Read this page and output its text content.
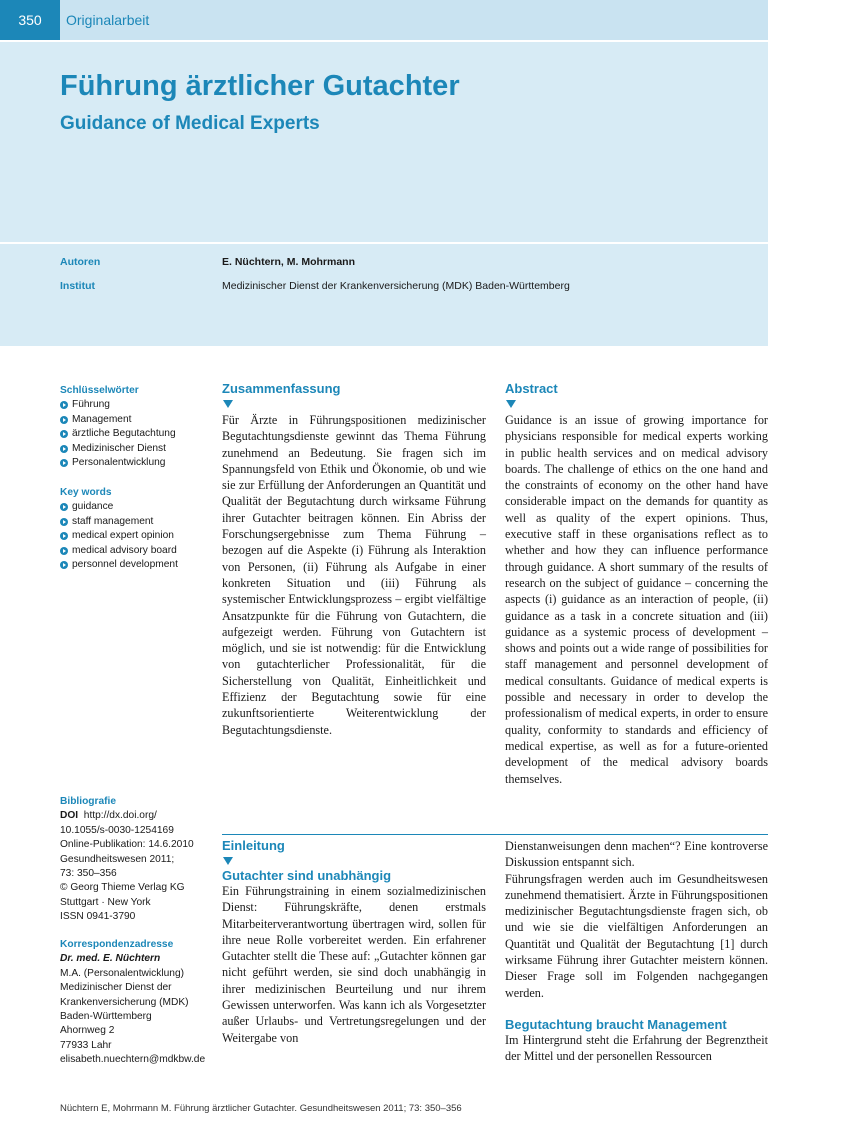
350	Originalarbeit
Führung ärztlicher Gutachter
Guidance of Medical Experts
Autoren	E. Nüchtern, M. Mohrmann
Institut	Medizinischer Dienst der Krankenversicherung (MDK) Baden-Württemberg
Schlüsselwörter
Führung
Management
ärztliche Begutachtung
Medizinischer Dienst
Personalentwicklung
Key words
guidance
staff management
medical expert opinion
medical advisory board
personnel development
Bibliografie
DOI http://dx.doi.org/
10.1055/s-0030-1254169
Online-Publikation: 14.6.2010
Gesundheitswesen 2011;
73: 350–356
© Georg Thieme Verlag KG
Stuttgart · New York
ISSN 0941-3790
Korrespondenzadresse
Dr. med. E. Nüchtern
M.A. (Personalentwicklung)
Medizinischer Dienst der
Krankenversicherung (MDK)
Baden-Württemberg
Ahornweg 2
77933 Lahr
elisabeth.nuechtern@mdkbw.de
Zusammenfassung
Für Ärzte in Führungspositionen medizinischer Begutachtungsdienste gewinnt das Thema Führung zunehmend an Bedeutung. Sie fragen sich im Spannungsfeld von Ethik und Ökonomie, ob und wie sie zur Erfüllung der Anforderungen an Quantität und Qualität der Begutachtung durch wirksame Führung ihrer Gutachter beitragen können. Ein Abriss der Forschungsergebnisse zum Thema Führung – bezogen auf die Aspekte (i) Führung als Interaktion von Personen, (ii) Führung als Aufgabe in einer konkreten Situation und (iii) Führung als systemischer Entwicklungsprozess – ergibt vielfältige Ansatzpunkte für die Führung von Gutachtern, die aufgezeigt werden. Führung von Gutachtern ist möglich, und sie ist notwendig: für die Entwicklung von gutachterlicher Professionalität, für die Sicherstellung von Qualität, Einheitlichkeit und Effizienz der Begutachtung sowie für eine zukunftsorientierte Weiterentwicklung der Begutachtungsdienste.
Abstract
Guidance is an issue of growing importance for physicians responsible for medical experts working in public health services and on medical advisory boards. The challenge of ethics on the one hand and the constraints of economy on the other hand have considerable impact on the demands for quantity as well as quality of the expert opinions. Thus, executive staff in these organisations reflect as to whether and how they can influence performance through guidance. A short summary of the results of research on the subject of guidance – concerning the aspects (i) guidance as an interaction of people, (ii) guidance as a task in a concrete situation and (iii) guidance as a systemic process of development – shows and points out a wide range of possibilities for staff management and personnel development of medical consultants. Guidance of medical experts is possible and necessary in order to develop the professionalism of medical experts, in order to ensure quality, conformity to standards and efficiency of medical expertise, as well as for a future-oriented development of the medical advisory boards themselves.
Einleitung
Gutachter sind unabhängig
Ein Führungstraining in einem sozialmedizinischen Dienst: Führungskräfte, denen erstmals Mitarbeiterverantwortung übertragen wird, sollen für ihre neue Rolle vorbereitet werden. Ein erfahrener Gutachter stellt die These auf: „Gutachter können gar nicht geführt werden, sie sind doch unabhängig in ihrer medizinischen Beurteilung und nur ihrem Gewissen unterworfen. Was kann ich als Vorgesetzter außer Urlaubs- und Vertretungsregelungen und der Weitergabe von
Dienstanweisungen denn machen“? Eine kontroverse Diskussion entspannt sich.
Führungsfragen werden auch im Gesundheitswesen zunehmend thematisiert. Ärzte in Führungspositionen medizinischer Begutachtungsdienste fragen sich, ob und wie sie die vielfältigen Anforderungen an Quantität und Qualität der Begutachtung [1] durch wirksame Führung ihrer Gutachter meistern können. Dieser Frage soll im Folgenden nachgegangen werden.
Begutachtung braucht Management
Im Hintergrund steht die Erfahrung der Begrenztheit der Mittel und der personellen Ressourcen
Nüchtern E, Mohrmann M. Führung ärztlicher Gutachter. Gesundheitswesen 2011; 73: 350–356
